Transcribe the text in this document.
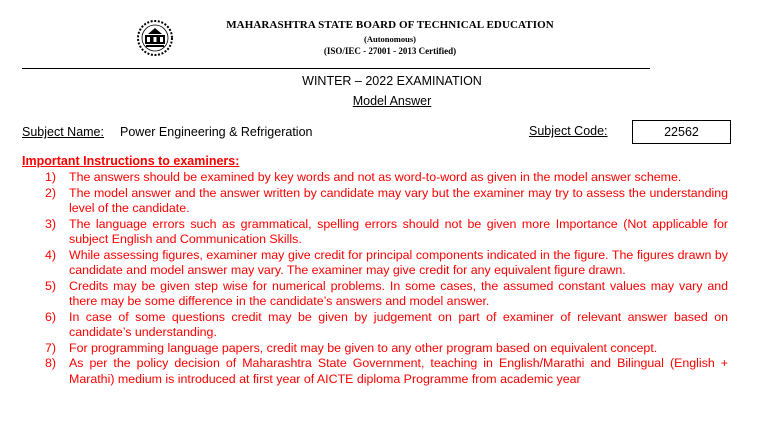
MAHARASHTRA STATE BOARD OF TECHNICAL EDUCATION
(Autonomous)
(ISO/IEC - 27001 - 2013 Certified)
WINTER – 2022 EXAMINATION
Model Answer
Subject Name: Power Engineering & Refrigeration	Subject Code:	22562
Important Instructions to examiners:
1) The answers should be examined by key words and not as word-to-word as given in the model answer scheme.
2) The model answer and the answer written by candidate may vary but the examiner may try to assess the understanding level of the candidate.
3) The language errors such as grammatical, spelling errors should not be given more Importance (Not applicable for subject English and Communication Skills.
4) While assessing figures, examiner may give credit for principal components indicated in the figure. The figures drawn by candidate and model answer may vary. The examiner may give credit for any equivalent figure drawn.
5) Credits may be given step wise for numerical problems. In some cases, the assumed constant values may vary and there may be some difference in the candidate’s answers and model answer.
6) In case of some questions credit may be given by judgement on part of examiner of relevant answer based on candidate’s understanding.
7) For programming language papers, credit may be given to any other program based on equivalent concept.
8) As per the policy decision of Maharashtra State Government, teaching in English/Marathi and Bilingual (English + Marathi) medium is introduced at first year of AICTE diploma Programme from academic year
